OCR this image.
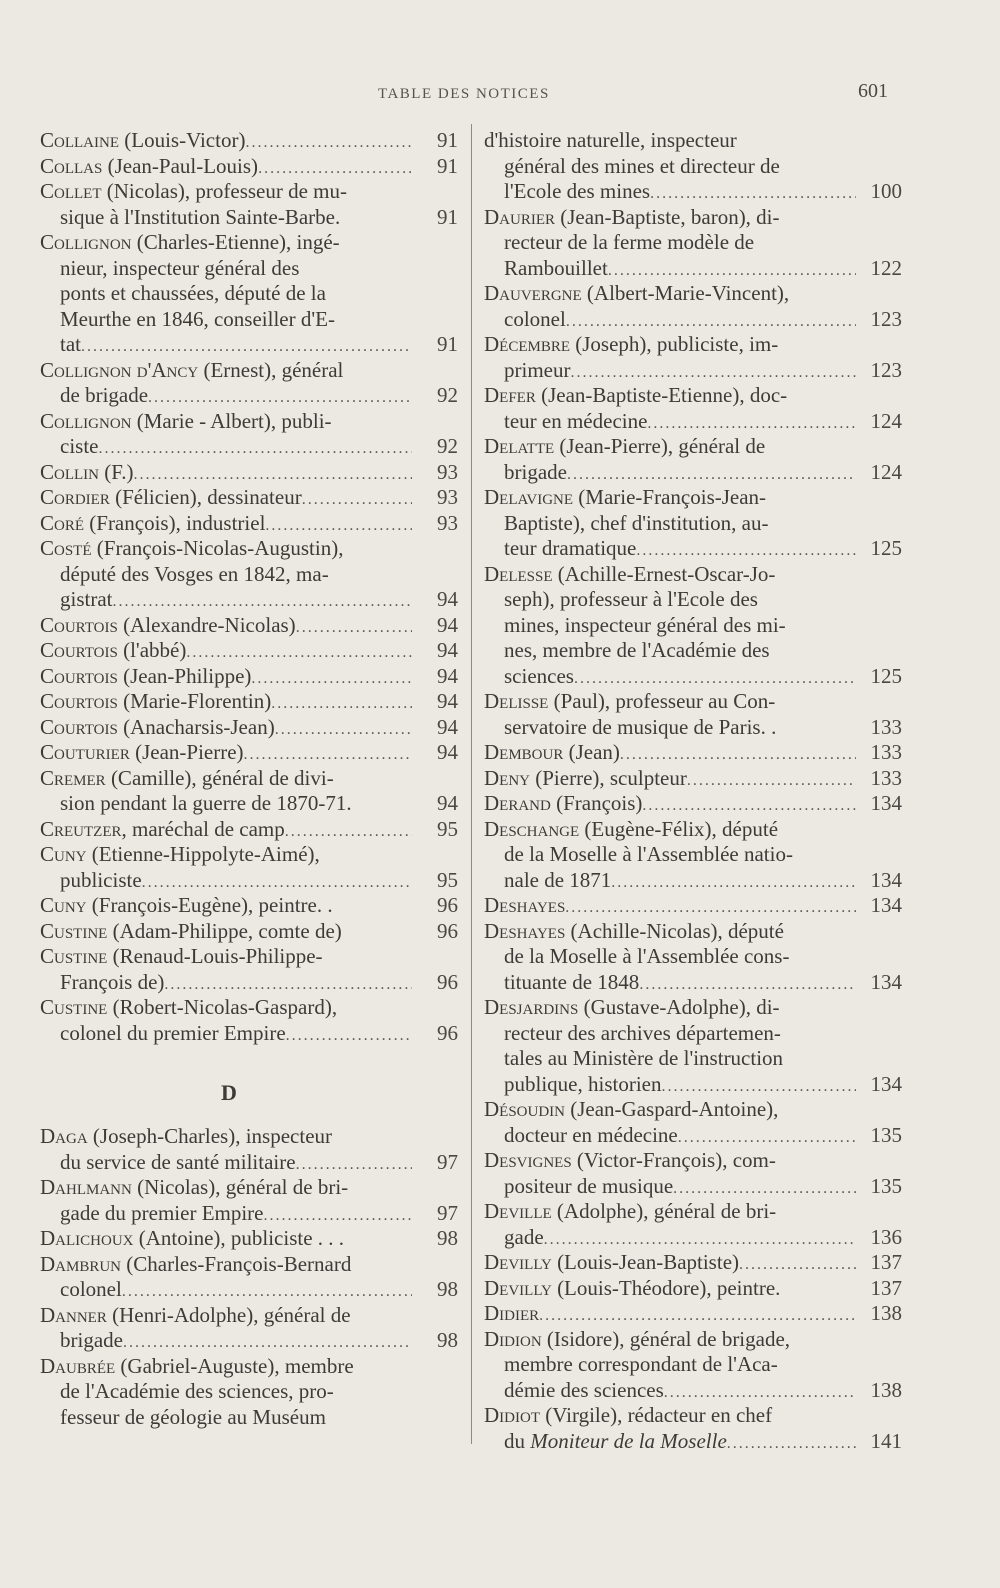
TABLE DES NOTICES	601
Collaine (Louis-Victor) . . .	91
Collas (Jean-Paul-Louis) . . .	91
Collet (Nicolas), professeur de mu-
sique à l'Institution Sainte-Barbe.	91
Collignon (Charles-Etienne), ingé-
nieur, inspecteur général des
ponts et chaussées, député de la
Meurthe en 1846, conseiller d'E-
tat . . .	91
Collignon d'Ancy (Ernest), général
de brigade . . .	92
Collignon (Marie - Albert), publi-
ciste . . .	92
Collin (F.) . . .	93
Cordier (Félicien), dessinateur . . .	93
Coré (François), industriel . . .	93
Costé (François-Nicolas-Augustin),
député des Vosges en 1842, ma-
gistrat . . .	94
Courtois (Alexandre-Nicolas) . . .	94
Courtois (l'abbé) . . .	94
Courtois (Jean-Philippe) . . .	94
Courtois (Marie-Florentin) . . .	94
Courtois (Anacharsis-Jean) . . .	94
Couturier (Jean-Pierre) . . .	94
Cremer (Camille), général de divi-
sion pendant la guerre de 1870-71.	94
Creutzer , maréchal de camp . . .	95
Cuny (Etienne-Hippolyte-Aimé),
publiciste . . .	95
Cuny (François-Eugène), peintre. .	96
Custine (Adam-Philippe, comte de)	96
Custine (Renaud-Louis-Philippe-
François de) . . .	96
Custine (Robert-Nicolas-Gaspard),
colonel du premier Empire . . .	96
D
Daga (Joseph-Charles), inspecteur
du service de santé militaire . . .	97
Dahlmann (Nicolas), général de bri-
gade du premier Empire . . .	97
Dalichoux (Antoine), publiciste . . .	98
Dambrun (Charles-François-Bernard
colonel . . .	98
Danner (Henri-Adolphe), général de
brigade . . .	98
Daubrée (Gabriel-Auguste), membre
de l'Académie des sciences, pro-
fesseur de géologie au Muséum
d'histoire naturelle, inspecteur
général des mines et directeur de
l'Ecole des mines . . .	100
Daurier (Jean-Baptiste, baron), di-
recteur de la ferme modèle de
Rambouillet . . .	122
Dauvergne (Albert-Marie-Vincent),
colonel . . .	123
Décembre (Joseph), publiciste, im-
primeur . . .	123
Defer (Jean-Baptiste-Etienne), doc-
teur en médecine . . .	124
Delatte (Jean-Pierre), général de
brigade . . .	124
Delavigne (Marie-François-Jean-
Baptiste), chef d'institution, au-
teur dramatique . . .	125
Delesse (Achille-Ernest-Oscar-Jo-
seph), professeur à l'Ecole des
mines, inspecteur général des mi-
nes, membre de l'Académie des
sciences . . .	125
Delisse (Paul), professeur au Con-
servatoire de musique de Paris. .	133
Dembour (Jean) . . .	133
Deny (Pierre), sculpteur . . .	133
Derand (François) . . .	134
Deschange (Eugène-Félix), député
de la Moselle à l'Assemblée natio-
nale de 1871 . . .	134
Deshayes . . .	134
Deshayes (Achille-Nicolas), député
de la Moselle à l'Assemblée cons-
tituante de 1848 . . .	134
Desjardins (Gustave-Adolphe), di-
recteur des archives départemen-
tales au Ministère de l'instruction
publique, historien . . .	134
Désoudin (Jean-Gaspard-Antoine),
docteur en médecine . . .	135
Desvignes (Victor-François), com-
positeur de musique . . .	135
Deville (Adolphe), général de bri-
gade . . .	136
Devilly (Louis-Jean-Baptiste) . . .	137
Devilly (Louis-Théodore), peintre.	137
Didier . . .	138
Didion (Isidore), général de brigade,
membre correspondant de l'Aca-
démie des sciences . . .	138
Didiot (Virgile), rédacteur en chef
du Moniteur de la Moselle . . .	141
